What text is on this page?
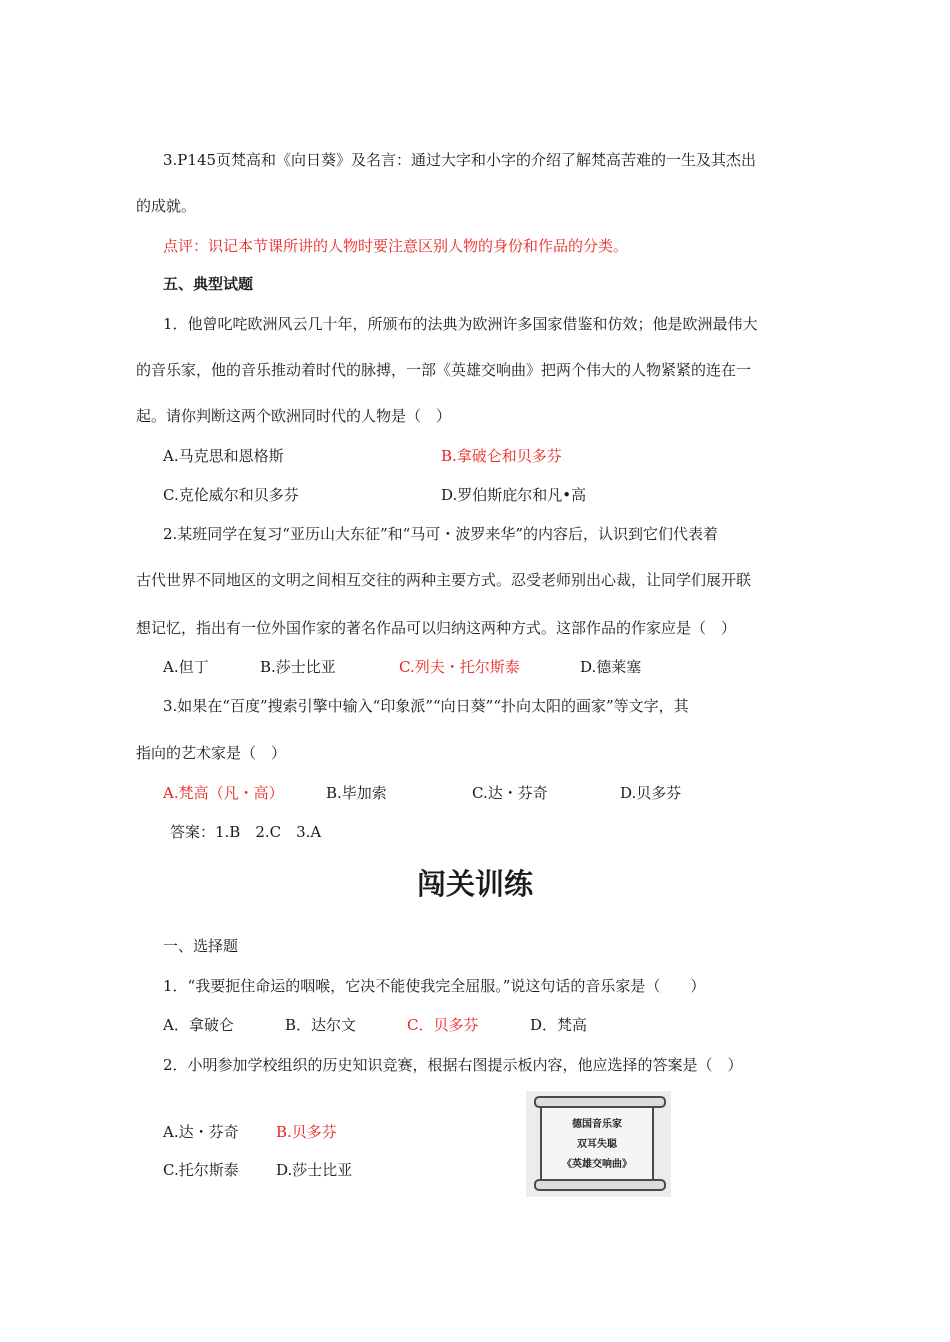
3.P145页梵高和《向日葵》及名言：通过大字和小字的介绍了解梵高苦难的一生及其杰出
的成就。
点评：识记本节课所讲的人物时要注意区别人物的身份和作品的分类。
五、典型试题
1．他曾叱咤欧洲风云几十年，所颁布的法典为欧洲许多国家借鉴和仿效；他是欧洲最伟大
的音乐家，他的音乐推动着时代的脉搏，一部《英雄交响曲》把两个伟大的人物紧紧的连在一
起。请你判断这两个欧洲同时代的人物是（　）
A.马克思和恩格斯	B.拿破仑和贝多芬
C.克伦威尔和贝多芬	D.罗伯斯庇尔和凡•高
2.某班同学在复习“亚历山大东征”和“马可・波罗来华”的内容后，认识到它们代表着
古代世界不同地区的文明之间相互交往的两种主要方式。忍受老师别出心裁，让同学们展开联
想记忆，指出有一位外国作家的著名作品可以归纳这两种方式。这部作品的作家应是（　）
A.但丁	B.莎士比亚	C.列夫・托尔斯泰	D.德莱塞
3.如果在“百度”搜索引擎中输入“印象派”“向日葵”“扑向太阳的画家”等文字，其
指向的艺术家是（　）
A.梵高（凡・高）	B.毕加索	C.达・芬奇	D.贝多芬
答案：1.B　2.C　3.A
闯关训练
一、选择题
1．“我要扼住命运的咽喉，它决不能使我完全屈服。”说这句话的音乐家是（　　）
A．拿破仑	B．达尔文	C．贝多芬	D．梵高
2．小明参加学校组织的历史知识竞赛，根据右图提示板内容，他应选择的答案是（　）
A.达・芬奇 B.贝多芬
C.托尔斯泰 D.莎士比亚
德国音乐家
双耳失聪
《英雄交响曲》
